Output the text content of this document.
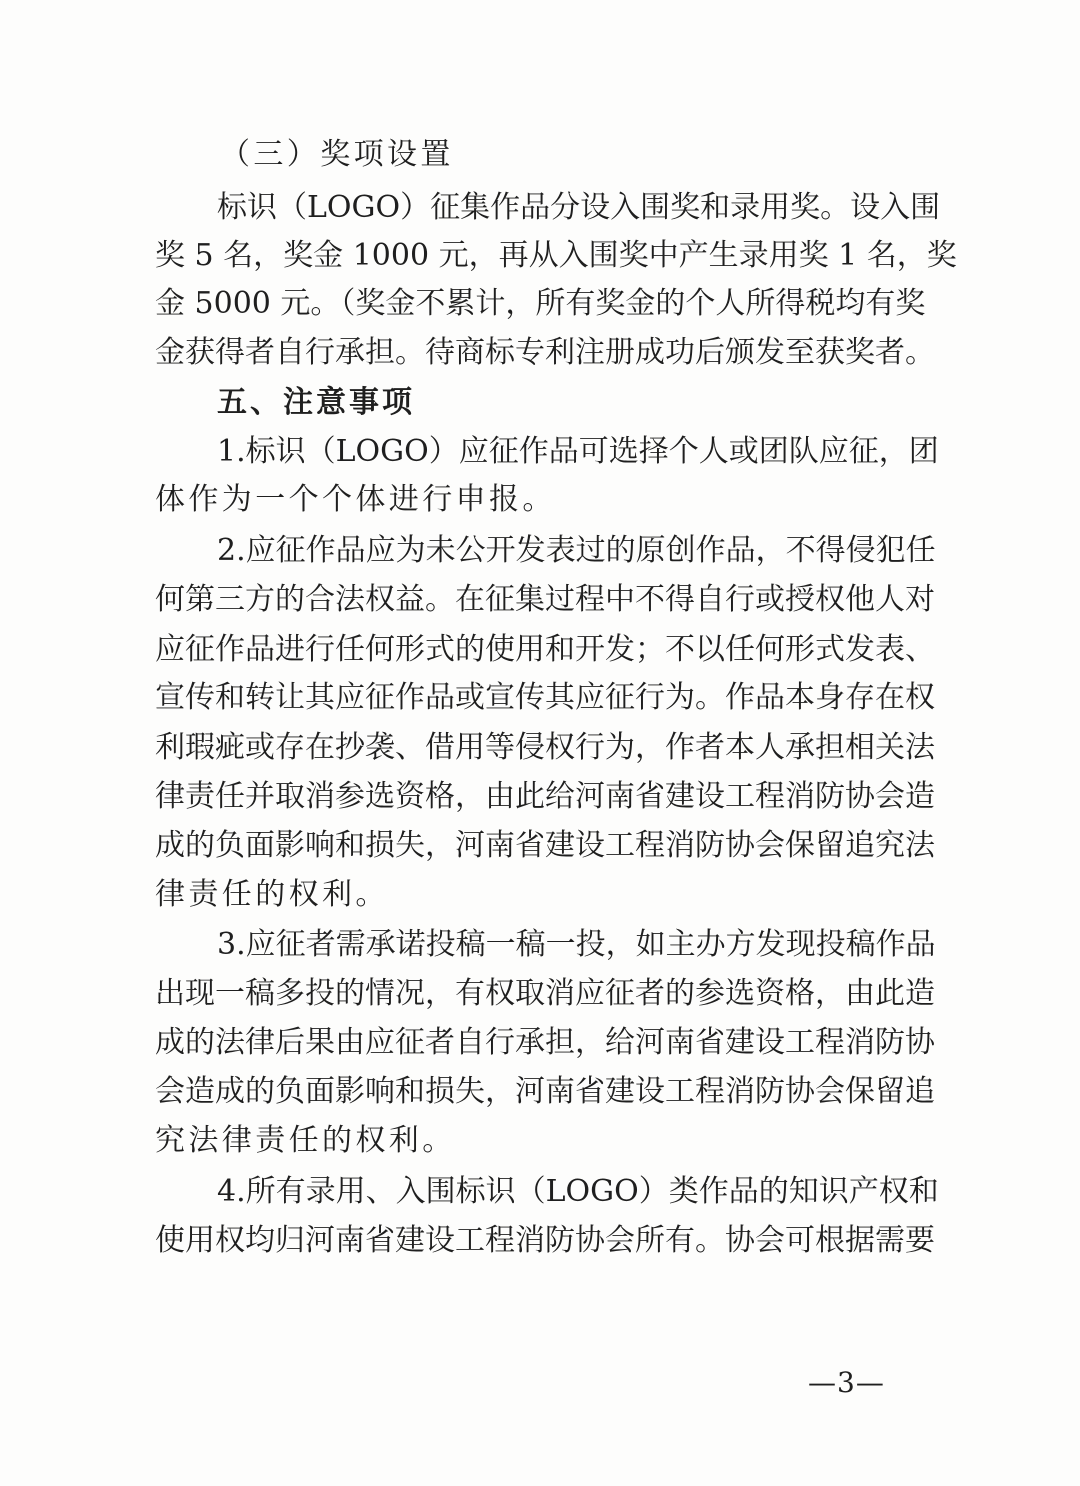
（三）奖项设置
标识（LOGO）征集作品分设入围奖和录用奖。设入围
奖 5 名，奖金 1000 元，再从入围奖中产生录用奖 1 名，奖
金 5000 元。（奖金不累计，所有奖金的个人所得税均有奖
金获得者自行承担。待商标专利注册成功后颁发至获奖者。
五、注意事项
1.标识（LOGO）应征作品可选择个人或团队应征，团
体作为一个个体进行申报。
2.应征作品应为未公开发表过的原创作品，不得侵犯任
何第三方的合法权益。在征集过程中不得自行或授权他人对
应征作品进行任何形式的使用和开发；不以任何形式发表、
宣传和转让其应征作品或宣传其应征行为。作品本身存在权
利瑕疵或存在抄袭、借用等侵权行为，作者本人承担相关法
律责任并取消参选资格，由此给河南省建设工程消防协会造
成的负面影响和损失，河南省建设工程消防协会保留追究法
律责任的权利。
3.应征者需承诺投稿一稿一投，如主办方发现投稿作品
出现一稿多投的情况，有权取消应征者的参选资格，由此造
成的法律后果由应征者自行承担，给河南省建设工程消防协
会造成的负面影响和损失，河南省建设工程消防协会保留追
究法律责任的权利。
4.所有录用、入围标识（LOGO）类作品的知识产权和
使用权均归河南省建设工程消防协会所有。协会可根据需要
—3—
